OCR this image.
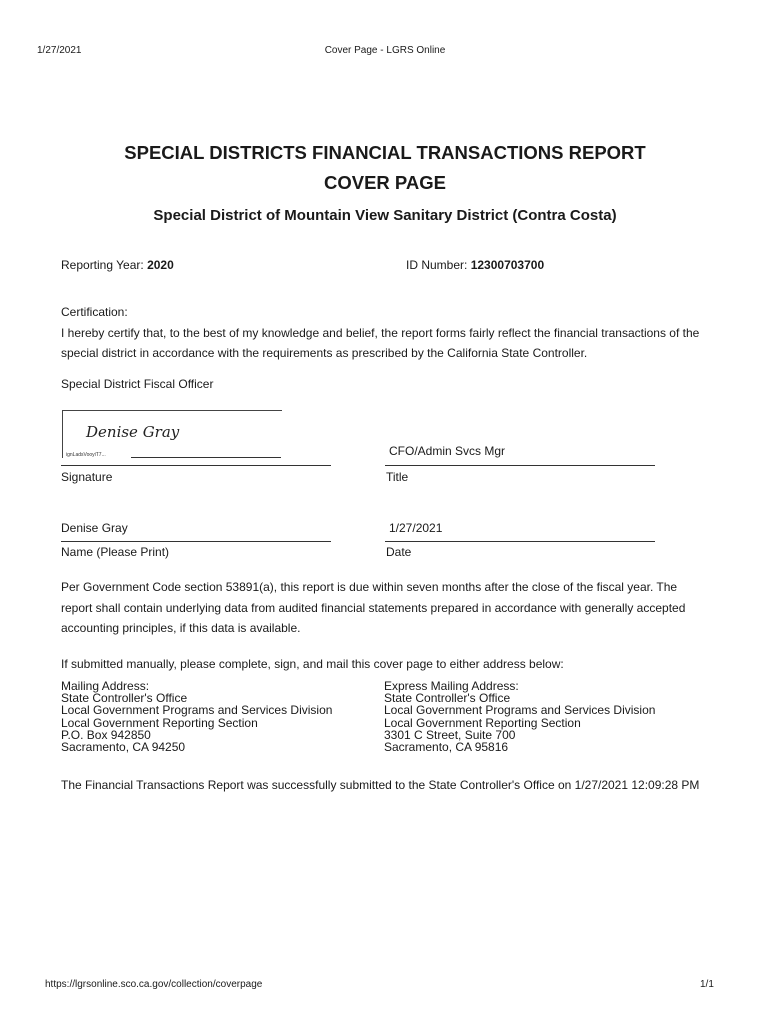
1/27/2021	Cover Page - LGRS Online
SPECIAL DISTRICTS FINANCIAL TRANSACTIONS REPORT
COVER PAGE
Special District of Mountain View Sanitary District (Contra Costa)
Reporting Year: 2020	ID Number: 12300703700
Certification:
I hereby certify that, to the best of my knowledge and belief, the report forms fairly reflect the financial transactions of the
special district in accordance with the requirements as prescribed by the California State Controller.
Special District Fiscal Officer
Denise Gray
ignLadsVooyiT7...
Signature
CFO/Admin Svcs Mgr
Title
Denise Gray
Name (Please Print)
1/27/2021
Date
Per Government Code section 53891(a), this report is due within seven months after the close of the fiscal year. The
report shall contain underlying data from audited financial statements prepared in accordance with generally accepted
accounting principles, if this data is available.
If submitted manually, please complete, sign, and mail this cover page to either address below:
Mailing Address:
State Controller's Office
Local Government Programs and Services Division
Local Government Reporting Section
P.O. Box 942850
Sacramento, CA 94250
Express Mailing Address:
State Controller's Office
Local Government Programs and Services Division
Local Government Reporting Section
3301 C Street, Suite 700
Sacramento, CA 95816
The Financial Transactions Report was successfully submitted to the State Controller's Office on 1/27/2021 12:09:28 PM
https://lgrsonline.sco.ca.gov/collection/coverpage	1/1
